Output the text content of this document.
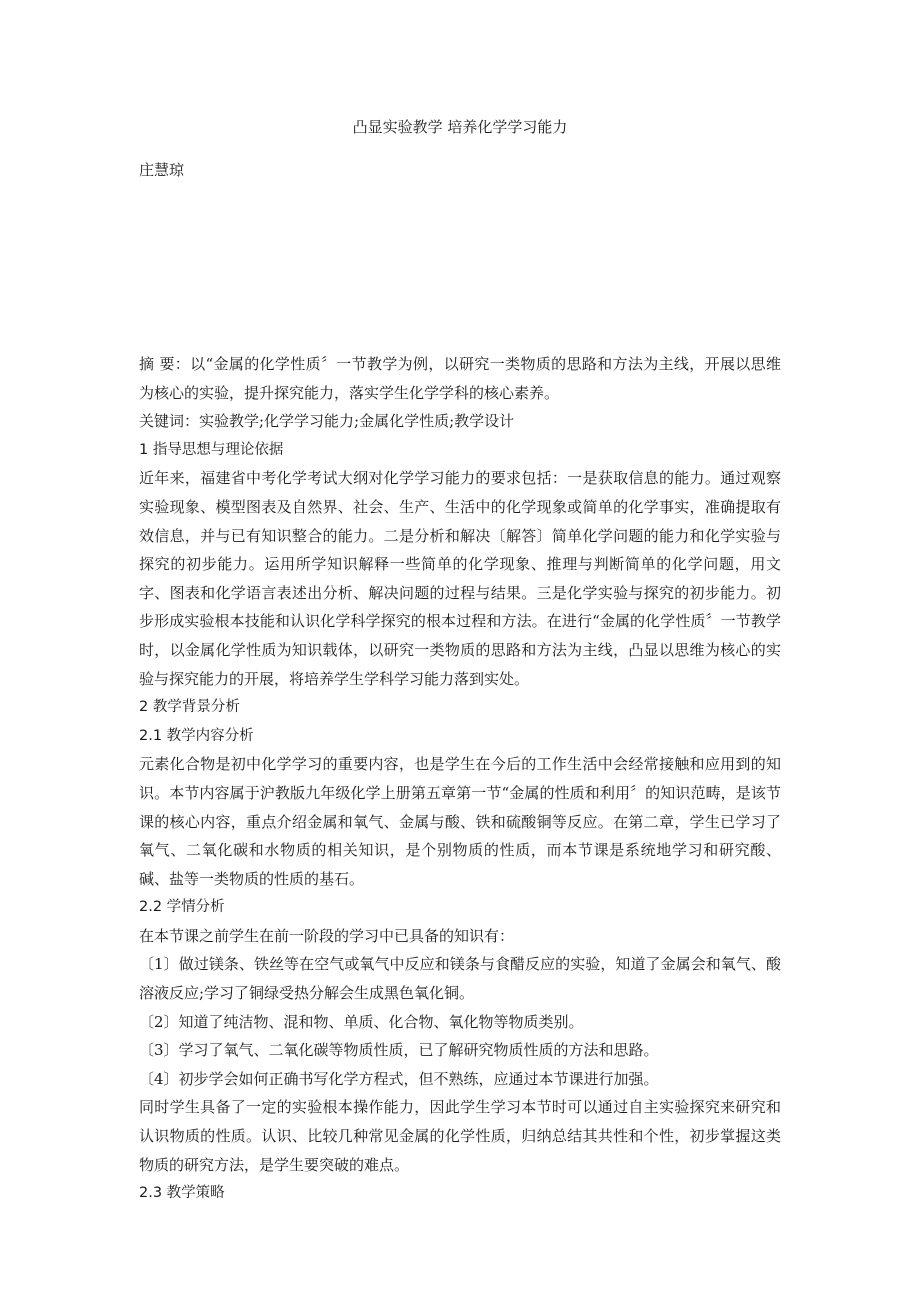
凸显实验教学 培养化学学习能力

庄慧琼

摘 要：以“金属的化学性质〞一节教学为例，以研究一类物质的思路和方法为主线，开展以思维为核心的实验，提升探究能力，落实学生化学学科的核心素养。

关键词：实验教学;化学学习能力;金属化学性质;教学设计

1 指导思想与理论依据

近年来，福建省中考化学考试大纲对化学学习能力的要求包括：一是获取信息的能力。通过观察实验现象、模型图表及自然界、社会、生产、生活中的化学现象或简单的化学事实，准确提取有效信息，并与已有知识整合的能力。二是分析和解决〔解答〕简单化学问题的能力和化学实验与探究的初步能力。运用所学知识解释一些简单的化学现象、推理与判断简单的化学问题，用文字、图表和化学语言表述出分析、解决问题的过程与结果。三是化学实验与探究的初步能力。初步形成实验根本技能和认识化学科学探究的根本过程和方法。在进行“金属的化学性质〞一节教学时，以金属化学性质为知识载体，以研究一类物质的思路和方法为主线，凸显以思维为核心的实验与探究能力的开展，将培养学生学科学习能力落到实处。

2 教学背景分析

2.1 教学内容分析

元素化合物是初中化学学习的重要内容，也是学生在今后的工作生活中会经常接触和应用到的知识。本节内容属于沪教版九年级化学上册第五章第一节“金属的性质和利用〞的知识范畴，是该节课的核心内容，重点介绍金属和氧气、金属与酸、铁和硫酸铜等反应。在第二章，学生已学习了氧气、二氧化碳和水物质的相关知识，是个别物质的性质，而本节课是系统地学习和研究酸、碱、盐等一类物质的性质的基石。

2.2 学情分析

在本节课之前学生在前一阶段的学习中已具备的知识有：

〔1〕做过镁条、铁丝等在空气或氧气中反应和镁条与食醋反应的实验，知道了金属会和氧气、酸溶液反应;学习了铜绿受热分解会生成黑色氧化铜。

〔2〕知道了纯洁物、混和物、单质、化合物、氧化物等物质类别。

〔3〕学习了氧气、二氧化碳等物质性质，已了解研究物质性质的方法和思路。

〔4〕初步学会如何正确书写化学方程式，但不熟练，应通过本节课进行加强。

同时学生具备了一定的实验根本操作能力，因此学生学习本节时可以通过自主实验探究来研究和认识物质的性质。认识、比较几种常见金属的化学性质，归纳总结其共性和个性，初步掌握这类物质的研究方法，是学生要突破的难点。

2.3 教学策略
